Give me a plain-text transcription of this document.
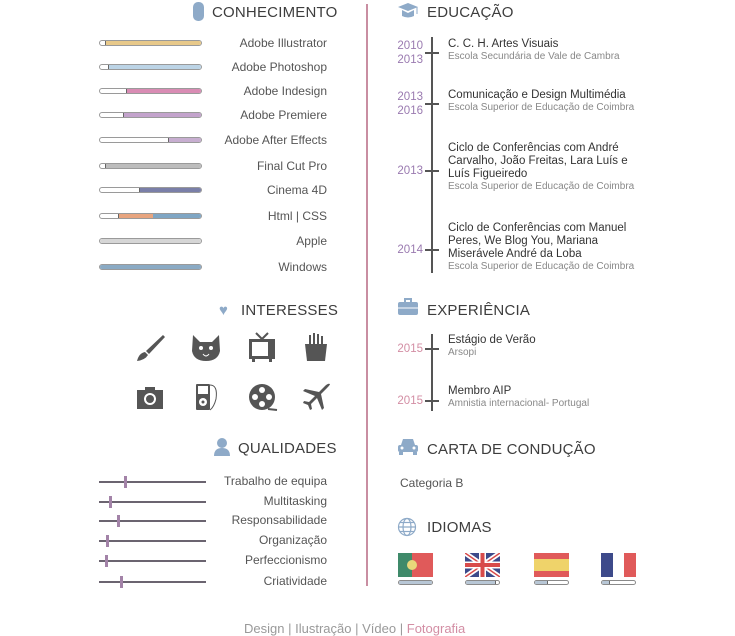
CONHECIMENTO
♥ INTERESSES
QUALIDADES
EDUCAÇÃO
EXPERIÊNCIA
CARTA DE CONDUÇÃO
Categoria B
IDIOMAS
Adobe Illustrator
Adobe Photoshop
Adobe Indesign
Adobe Premiere
Adobe After Effects
Final Cut Pro
Cinema 4D
Html | CSS
Apple
Windows
Trabalho de equipa
Multitasking
Responsabilidade
Organização
Perfeccionismo
Criatividade
2010
2013
C. C. H. Artes Visuais
Escola Secundária de Vale de Cambra
2013
2016
Comunicação e Design Multimédia
Escola Superior de Educação de Coimbra
2013
Ciclo de Conferências com André Carvalho, João Freitas, Lara Luís e Luís Figueiredo
Escola Superior de Educação de Coimbra
2014
Ciclo de Conferências com Manuel Peres, We Blog You, Mariana Miserávele André da Loba
Escola Superior de Educação de Coimbra
2015
Estágio de Verão
Arsopi
2015
Membro AIP
Amnistia internacional- Portugal
Design | Ilustração | Vídeo | Fotografia
